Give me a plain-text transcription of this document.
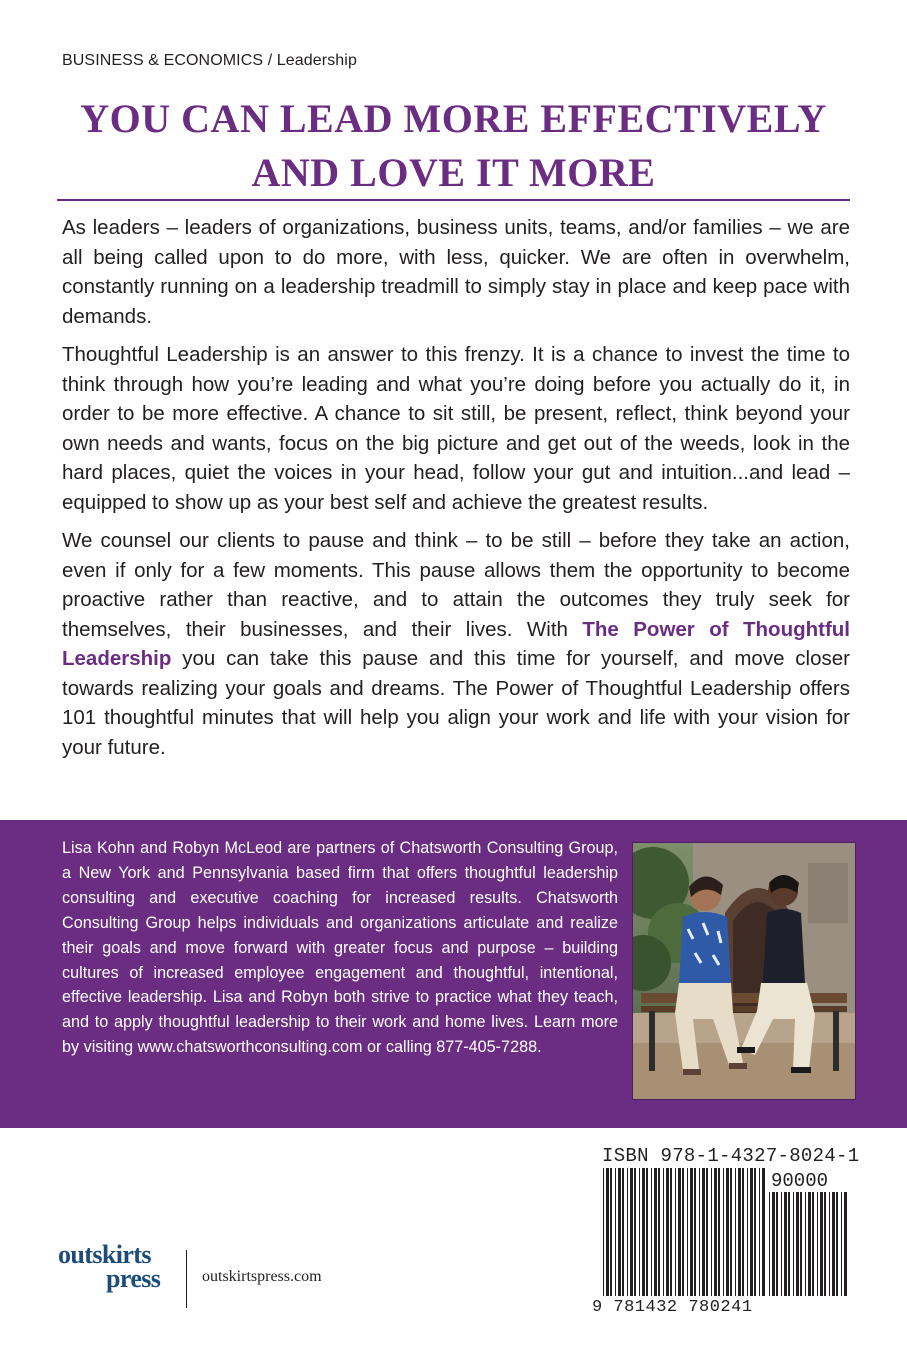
BUSINESS & ECONOMICS / Leadership
YOU CAN LEAD MORE EFFECTIVELY
AND LOVE IT MORE

As leaders – leaders of organizations, business units, teams, and/or families – we are all being called upon to do more, with less, quicker. We are often in overwhelm, constantly running on a leadership treadmill to simply stay in place and keep pace with demands.

Thoughtful Leadership is an answer to this frenzy. It is a chance to invest the time to think through how you’re leading and what you’re doing before you actually do it, in order to be more effective. A chance to sit still, be present, reflect, think beyond your own needs and wants, focus on the big picture and get out of the weeds, look in the hard places, quiet the voices in your head, follow your gut and intuition...and lead – equipped to show up as your best self and achieve the greatest results.

We counsel our clients to pause and think – to be still – before they take an action, even if only for a few moments. This pause allows them the opportunity to become proactive rather than reactive, and to attain the outcomes they truly seek for themselves, their businesses, and their lives. With The Power of Thoughtful Leadership you can take this pause and this time for yourself, and move closer towards realizing your goals and dreams. The Power of Thoughtful Leadership offers 101 thoughtful minutes that will help you align your work and life with your vision for your future.

Lisa Kohn and Robyn McLeod are partners of Chatsworth Consulting Group, a New York and Pennsylvania based firm that offers thoughtful leadership consulting and executive coaching for increased results. Chatsworth Consulting Group helps individuals and organizations articulate and realize their goals and move forward with greater focus and purpose – building cultures of increased employee engagement and thoughtful, intentional, effective leadership. Lisa and Robyn both strive to practice what they teach, and to apply thoughtful leadership to their work and home lives. Learn more by visiting www.chatsworthconsulting.com or calling 877-405-7288.

outskirts
press	outskirtspress.com
ISBN 978-1-4327-8024-1
90000
9 781432 780241
